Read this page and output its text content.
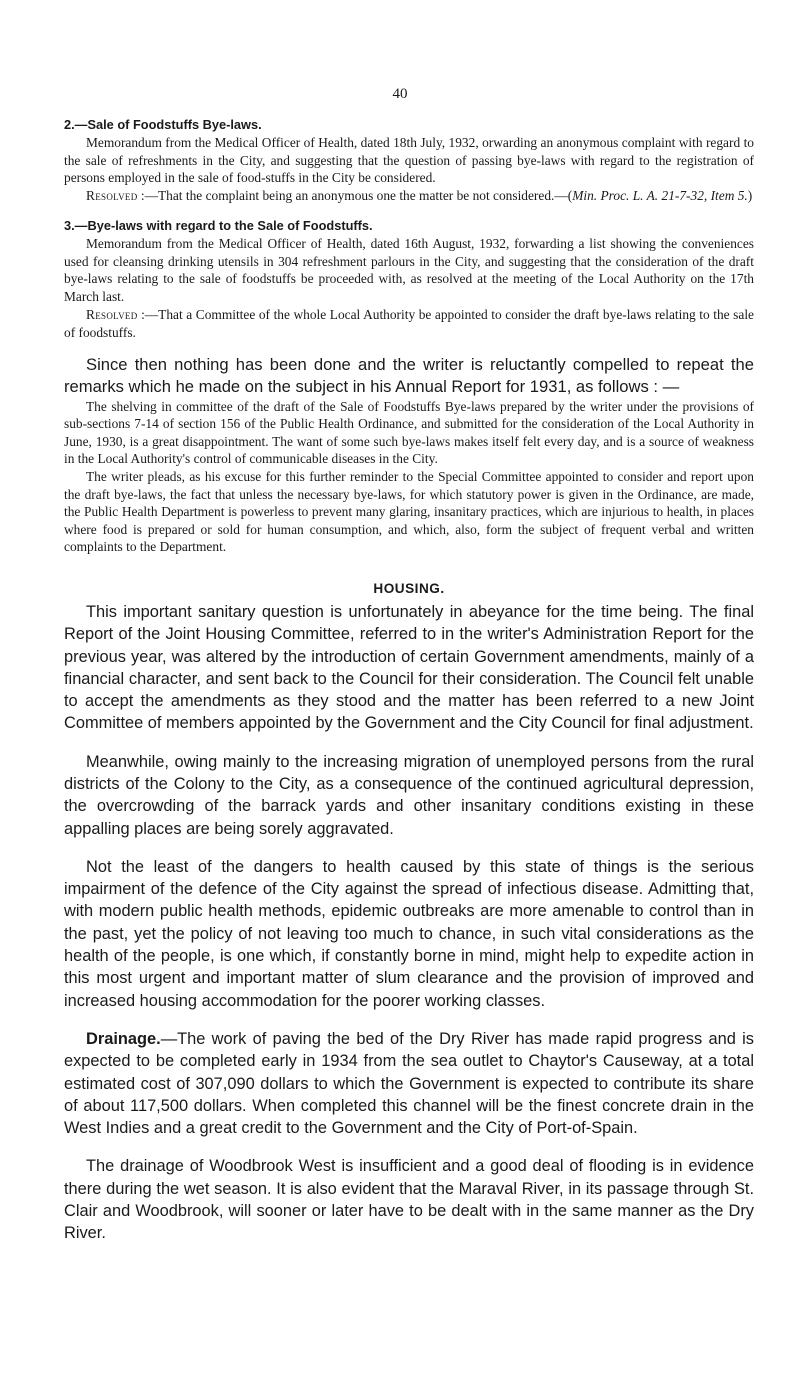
40
2.—Sale of Foodstuffs Bye-laws.

Memorandum from the Medical Officer of Health, dated 18th July, 1932, orwarding an anonymous complaint with regard to the sale of refreshments in the City, and suggesting that the question of passing bye-laws with regard to the registration of persons employed in the sale of food-stuffs in the City be considered.

Resolved :—That the complaint being an anonymous one the matter be not considered.—(Min. Proc. L. A. 21-7-32, Item 5.)

3.—Bye-laws with regard to the Sale of Foodstuffs.

Memorandum from the Medical Officer of Health, dated 16th August, 1932, forwarding a list showing the conveniences used for cleansing drinking utensils in 304 refreshment parlours in the City, and suggesting that the consideration of the draft bye-laws relating to the sale of foodstuffs be proceeded with, as resolved at the meeting of the Local Authority on the 17th March last.

Resolved :—That a Committee of the whole Local Authority be appointed to consider the draft bye-laws relating to the sale of foodstuffs.

Since then nothing has been done and the writer is reluctantly compelled to repeat the remarks which he made on the subject in his Annual Report for 1931, as follows : —

The shelving in committee of the draft of the Sale of Foodstuffs Bye-laws prepared by the writer under the provisions of sub-sections 7-14 of section 156 of the Public Health Ordinance, and submitted for the consideration of the Local Authority in June, 1930, is a great disappointment. The want of some such bye-laws makes itself felt every day, and is a source of weakness in the Local Authority's control of communicable diseases in the City.

The writer pleads, as his excuse for this further reminder to the Special Committee appointed to consider and report upon the draft bye-laws, the fact that unless the necessary bye-laws, for which statutory power is given in the Ordinance, are made, the Public Health Department is powerless to prevent many glaring, insanitary practices, which are injurious to health, in places where food is prepared or sold for human consumption, and which, also, form the subject of frequent verbal and written complaints to the Department.

HOUSING.

This important sanitary question is unfortunately in abeyance for the time being. The final Report of the Joint Housing Committee, referred to in the writer's Administration Report for the previous year, was altered by the introduction of certain Government amendments, mainly of a financial character, and sent back to the Council for their consideration. The Council felt unable to accept the amendments as they stood and the matter has been referred to a new Joint Committee of members appointed by the Government and the City Council for final adjustment.

Meanwhile, owing mainly to the increasing migration of unemployed persons from the rural districts of the Colony to the City, as a consequence of the continued agricultural depression, the overcrowding of the barrack yards and other insanitary conditions existing in these appalling places are being sorely aggravated.

Not the least of the dangers to health caused by this state of things is the serious impairment of the defence of the City against the spread of infectious disease. Admitting that, with modern public health methods, epidemic outbreaks are more amenable to control than in the past, yet the policy of not leaving too much to chance, in such vital considerations as the health of the people, is one which, if constantly borne in mind, might help to expedite action in this most urgent and important matter of slum clearance and the provision of improved and increased housing accommodation for the poorer working classes.

Drainage.—The work of paving the bed of the Dry River has made rapid progress and is expected to be completed early in 1934 from the sea outlet to Chaytor's Causeway, at a total estimated cost of 307,090 dollars to which the Government is expected to contribute its share of about 117,500 dollars. When completed this channel will be the finest concrete drain in the West Indies and a great credit to the Government and the City of Port-of-Spain.

The drainage of Woodbrook West is insufficient and a good deal of flooding is in evidence there during the wet season. It is also evident that the Maraval River, in its passage through St. Clair and Woodbrook, will sooner or later have to be dealt with in the same manner as the Dry River.
